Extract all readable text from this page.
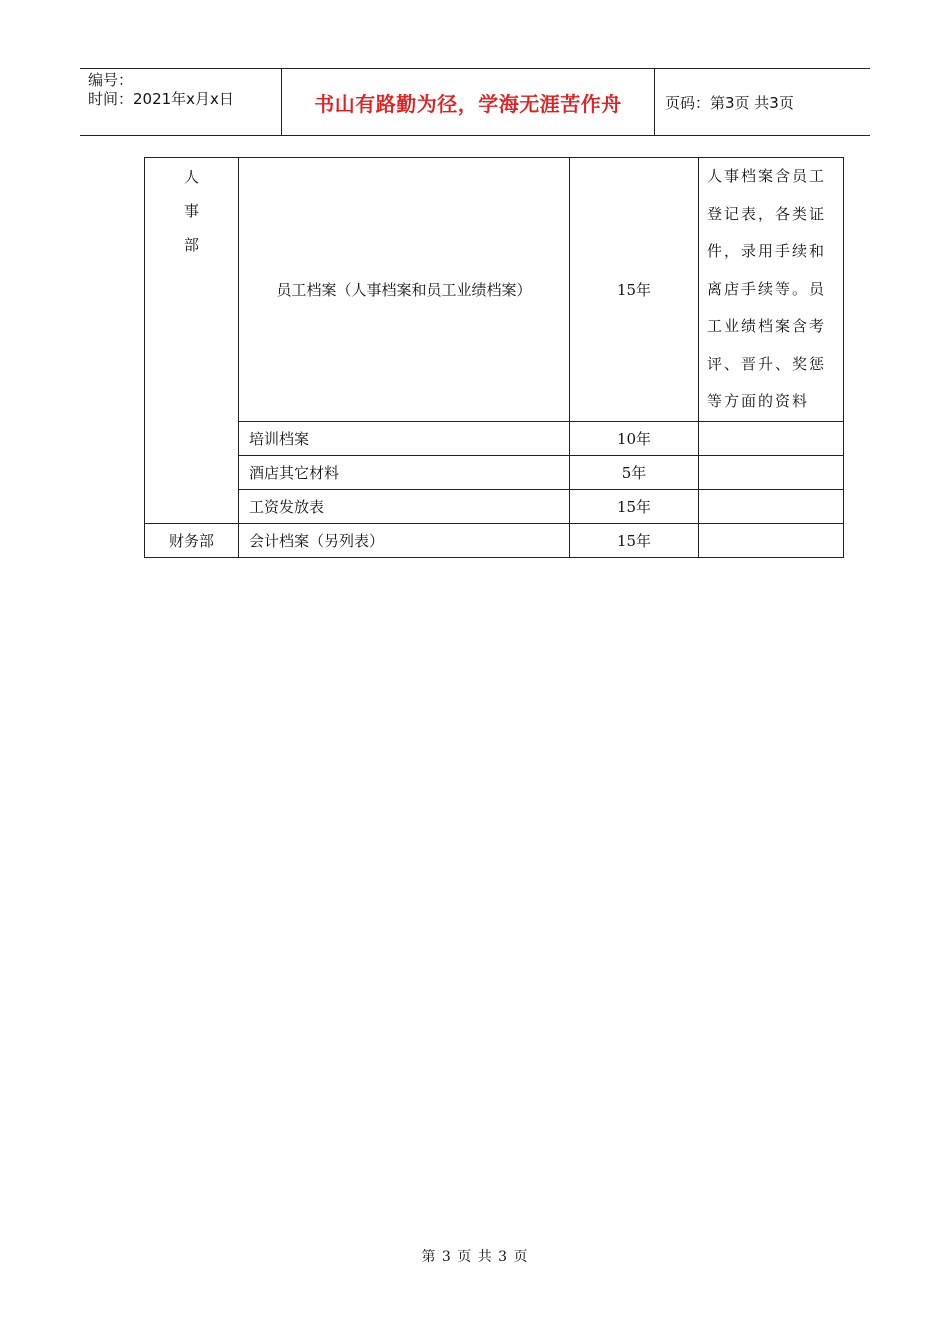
编号：
时间：2021年x月x日	书山有路勤为径，学海无涯苦作舟	页码：第3页 共3页
人
事
部	员工档案（人事档案和员工业绩档案）	15年	人事档案含员工登记表，各类证件，录用手续和离店手续等。员工业绩档案含考评、晋升、奖惩等方面的资料
	培训档案	10年	
	酒店其它材料	5年	
	工资发放表	15年	
财务部	会计档案（另列表）	15年	
第 3 页 共 3 页
